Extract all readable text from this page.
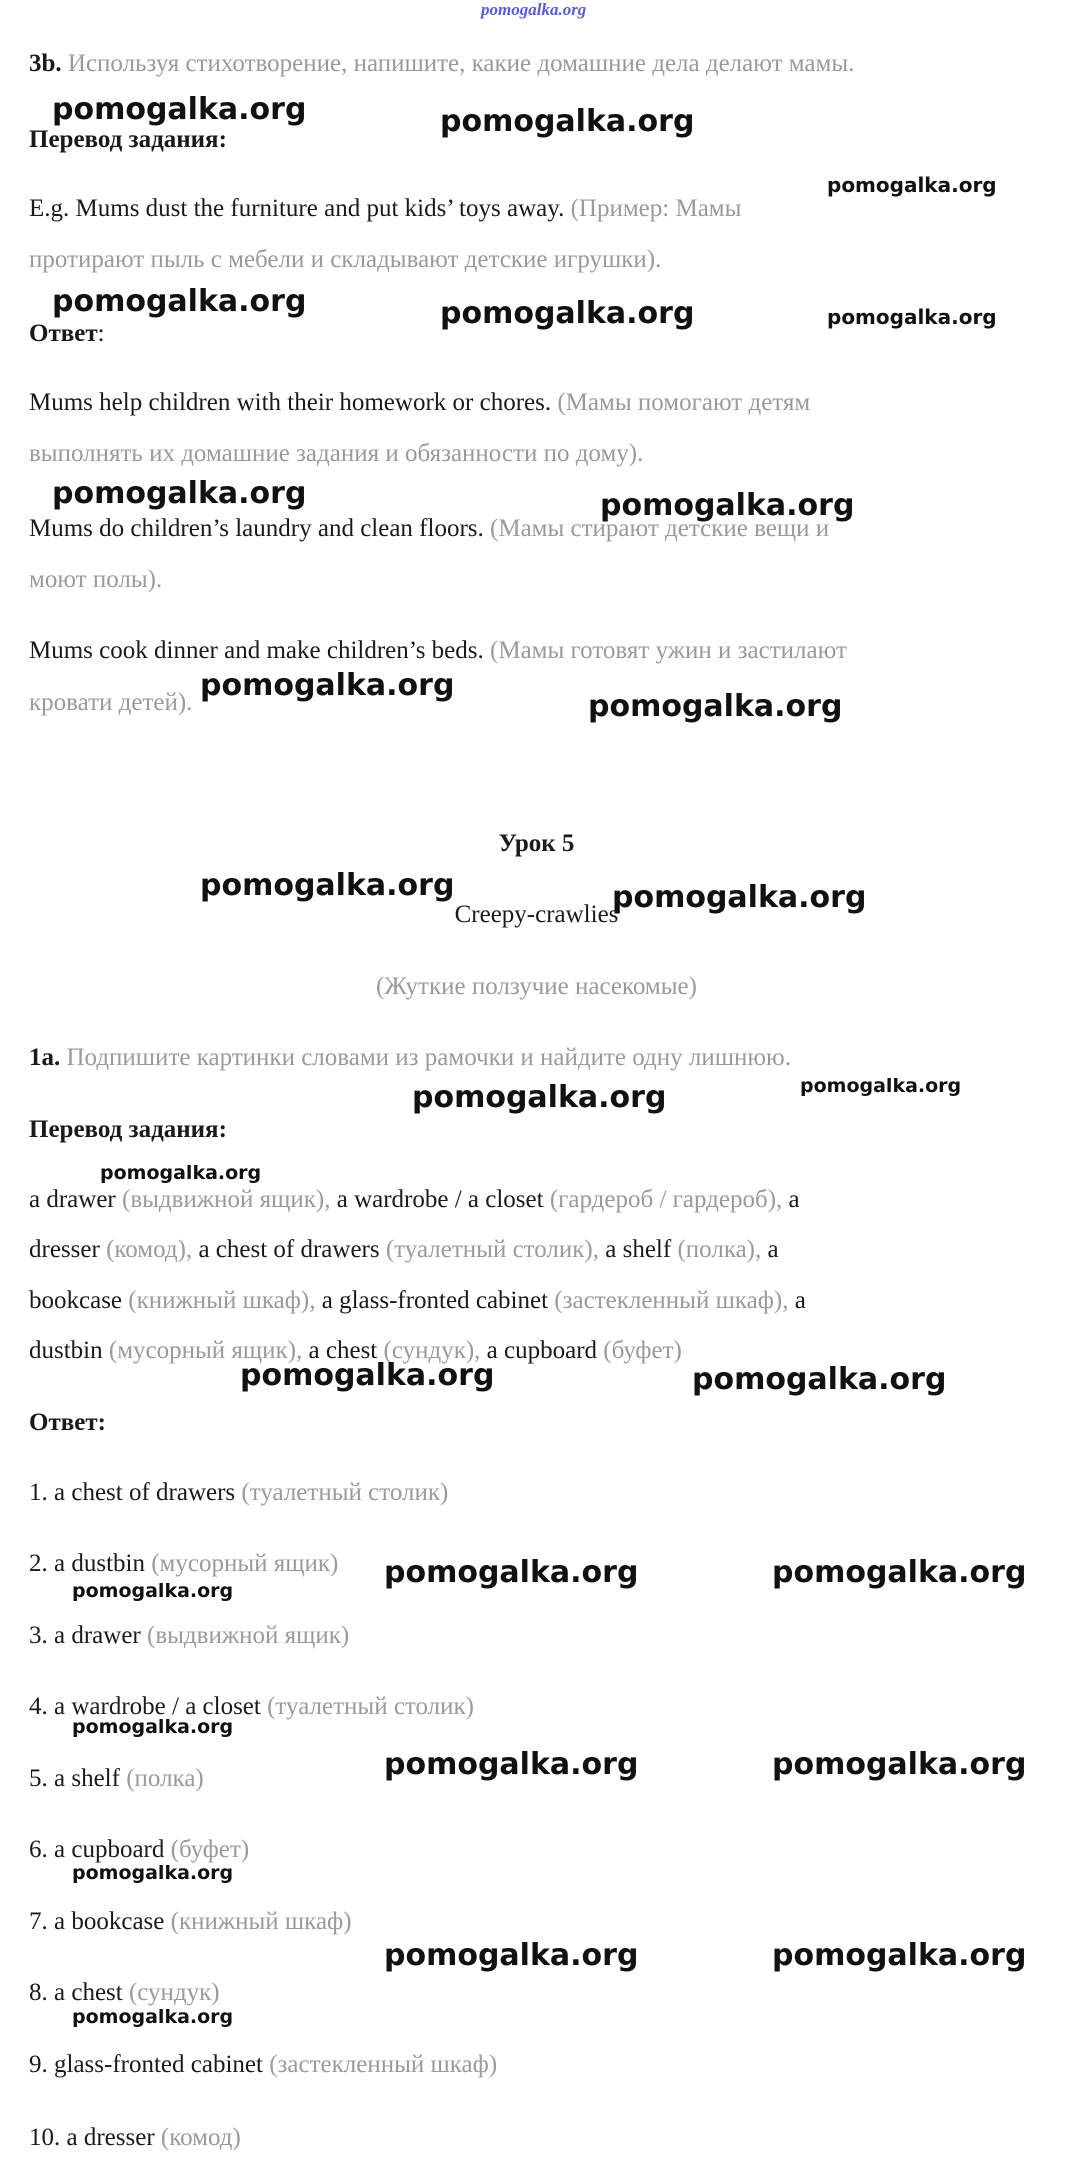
pomogalka.org
3b. Используя стихотворение, напишите, какие домашние дела делают мамы.
Перевод задания:
E.g. Mums dust the furniture and put kids’ toys away. (Пример: Мамы
протирают пыль с мебели и складывают детские игрушки).
Ответ:
Mums help children with their homework or chores. (Мамы помогают детям
выполнять их домашние задания и обязанности по дому).
Mums do children’s laundry and clean floors. (Мамы стирают детские вещи и
моют полы).
Mums cook dinner and make children’s beds. (Мамы готовят ужин и застилают
кровати детей).
Урок 5
Creepy-crawlies
(Жуткие ползучие насекомые)
1a. Подпишите картинки словами из рамочки и найдите одну лишнюю.
Перевод задания:
a drawer (выдвижной ящик), a wardrobe / a closet (гардероб / гардероб), a
dresser (комод), a chest of drawers (туалетный столик), a shelf (полка), a
bookcase (книжный шкаф), a glass-fronted cabinet (застекленный шкаф), a
dustbin (мусорный ящик), a chest (сундук), a cupboard (буфет)
Ответ:
1. a chest of drawers (туалетный столик)
2. a dustbin (мусорный ящик)
3. a drawer (выдвижной ящик)
4. a wardrobe / a closet (туалетный столик)
5. a shelf (полка)
6. a cupboard (буфет)
7. a bookcase (книжный шкаф)
8. a chest (сундук)
9. glass-fronted cabinet (застекленный шкаф)
10. a dresser (комод)
pomogalka.org	pomogalka.org
pomogalka.org
pomogalka.org	pomogalka.org	pomogalka.org
pomogalka.org	pomogalka.org
pomogalka.org
pomogalka.org
pomogalka.org	pomogalka.org
pomogalka.org
pomogalka.org
pomogalka.org
pomogalka.org	pomogalka.org
pomogalka.org	pomogalka.org
pomogalka.org
pomogalka.org
pomogalka.org	pomogalka.org
pomogalka.org
pomogalka.org	pomogalka.org
pomogalka.org
